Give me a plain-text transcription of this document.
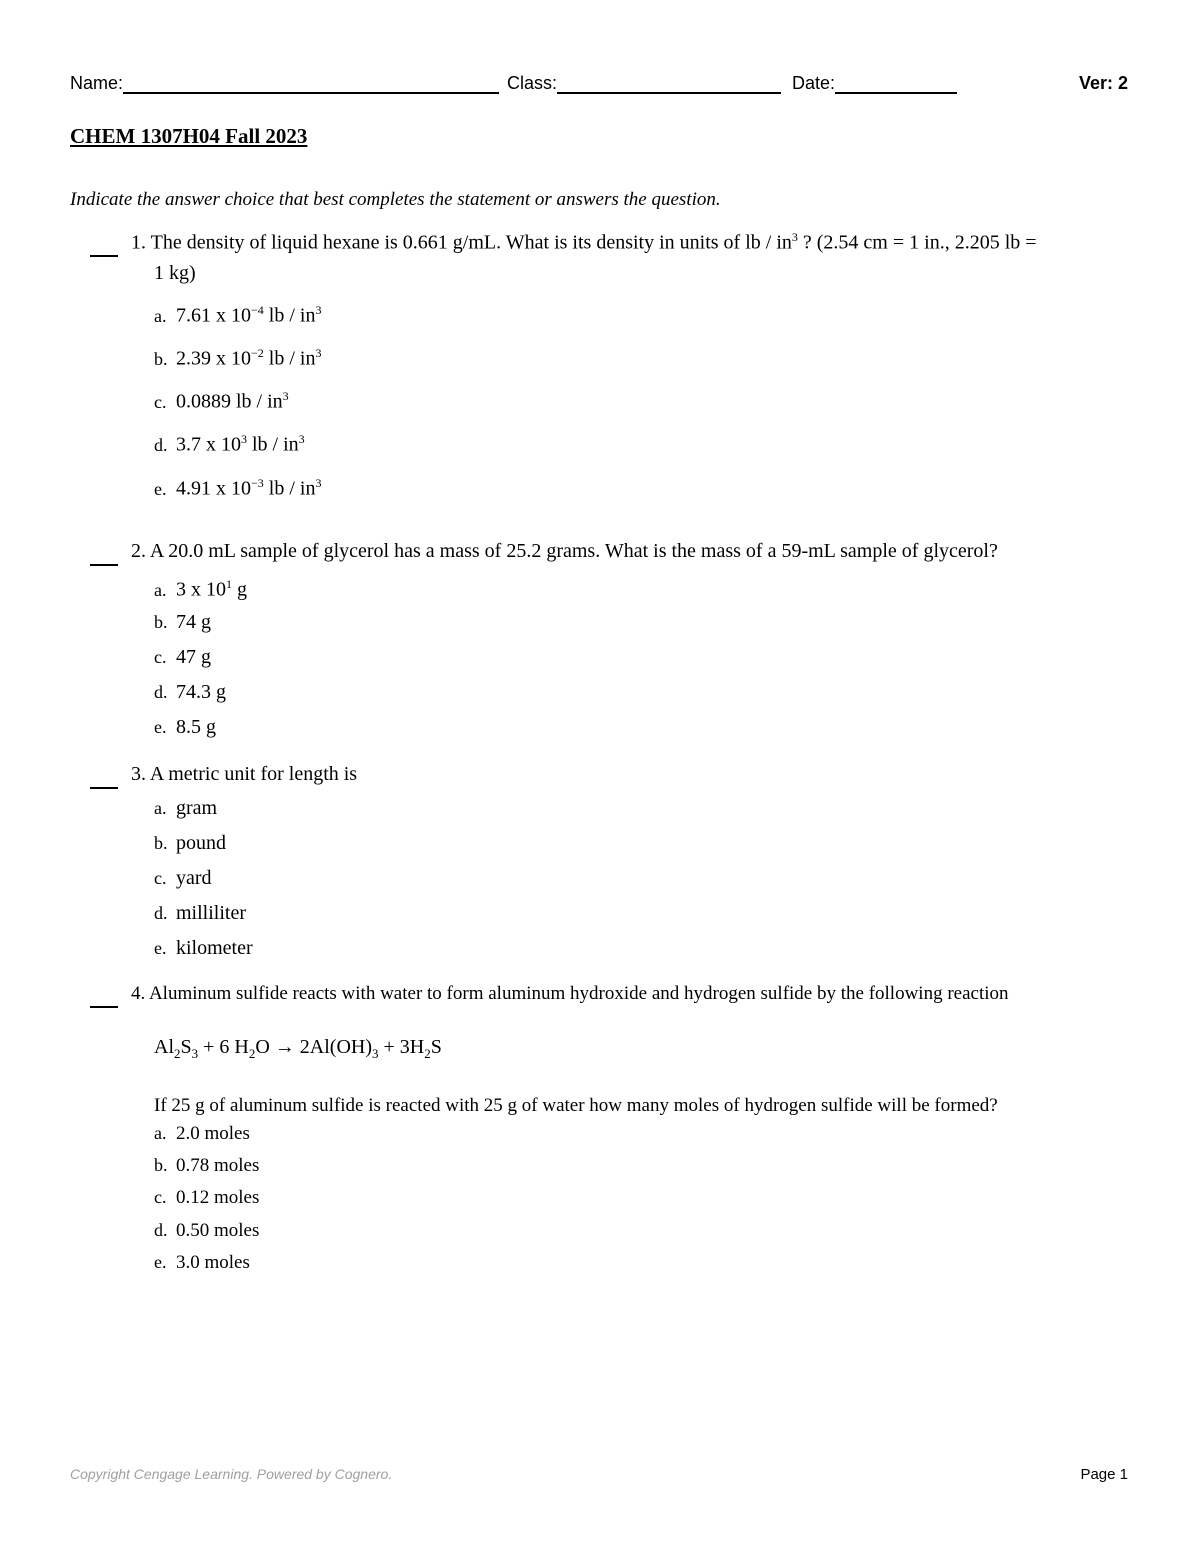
Name:	Class:	Date:	Ver: 2
CHEM 1307H04 Fall 2023
Indicate the answer choice that best completes the statement or answers the question.
1. The density of liquid hexane is 0.661 g/mL. What is its density in units of lb / $in^3$ ? (2.54 cm = 1 in., 2.205 lb =
1 kg)
a. 7.61 x $10^{-4}$ lb / $in^3$
b. 2.39 x $10^{-2}$ lb / $in^3$
c. 0.0889 lb / $in^3$
d. 3.7 x $10^3$ lb / $in^3$
e. 4.91 x $10^{-3}$ lb / $in^3$
2. A 20.0 mL sample of glycerol has a mass of 25.2 grams. What is the mass of a 59-mL sample of glycerol?
a. 3 x $10^1$ g
b. 74 g
c. 47 g
d. 74.3 g
e. 8.5 g
3. A metric unit for length is
a. gram
b. pound
c. yard
d. milliliter
e. kilometer
4. Aluminum sulfide reacts with water to form aluminum hydroxide and hydrogen sulfide by the following reaction
$Al_2S_3 + 6$ $H_2O \to 2Al(OH)_3 + 3H_2S$
If 25 g of aluminum sulfide is reacted with 25 g of water how many moles of hydrogen sulfide will be formed?
a. 2.0 moles
b. 0.78 moles
c. 0.12 moles
d. 0.50 moles
e. 3.0 moles
Copyright Cengage Learning. Powered by Cognero.	Page 1
